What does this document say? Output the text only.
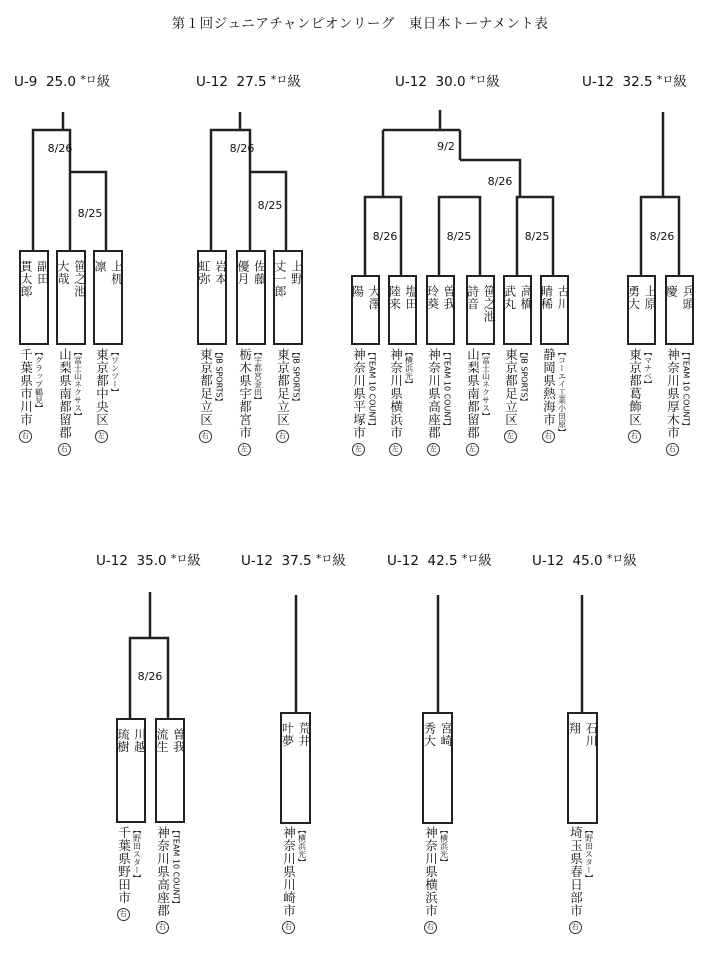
第１回ジュニアチャンピオンリーグ　東日本トーナメント表
U-9 25.0 $^{*ロ}$級	U-12 27.5 $^{*ロ}$級	U-12 30.0 $^{*ロ}$級	U-12 32.5 $^{*ロ}$級
U-12 35.0 $^{*ロ}$級	U-12 37.5 $^{*ロ}$級	U-12 42.5 $^{*ロ}$級	U-12 45.0 $^{*ロ}$級
8/26
8/25
8/26
8/25
9/2
8/26
8/26	8/25	8/25	8/26
8/26
副田
貫太郎	笹之池
大哉	上杌
凛	岩本
虹弥	佐藤
優月	上野
丈一郎	大澤
陽	塩田
陸来	曽我
玲葵	笹之池
詩音	高橋
武丸	古川
晴稀	上原
勇大	兵頭
慶
川越
琉樹	曽我
流生	荒井
叶夢	宮崎
秀大	石川
翔
【グラップ鶴見】
千葉県市川市右
【富士山ネクサス】
山梨県南都留郡右
【ワンツー】
東京都中央区左
【JB SPORTS】
東京都足立区右
【宇都宮金田】
栃木県宇都宮市左
【JB SPORTS】
東京都足立区右
【TEAM 10 COUNT】
神奈川県平塚市左
【横浜光】
神奈川県横浜市左
【TEAM 10 COUNT】
神奈川県高座郡左
【富士山ネクサス】
山梨県南都留郡左
【JB SPORTS】
東京都足立区左	【コーエイ工業小田原】
静岡県熱海市右
【マナベ】
東京都葛飾区右
【TEAM 10 COUNT】
神奈川県厚木市右
【野田スター】
千葉県野田市右
【TEAM 10 COUNT】
神奈川県高座郡右
【横浜光】
神奈川県川崎市右
【横浜光】
神奈川県横浜市右
【野田スター】
埼玉県春日部市右
